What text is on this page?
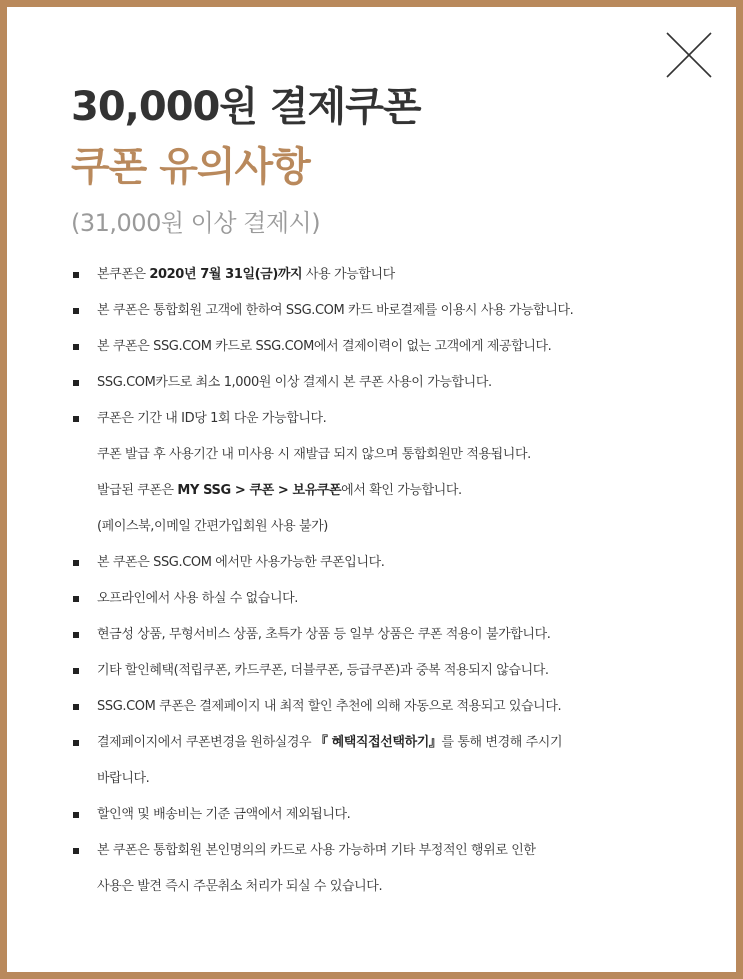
30,000원 결제쿠폰
쿠폰 유의사항
(31,000원 이상 결제시)
본쿠폰은 2020년 7월 31일(금)까지 사용 가능합니다
본 쿠폰은 통합회원 고객에 한하여 SSG.COM 카드 바로결제를 이용시 사용 가능합니다.
본 쿠폰은 SSG.COM 카드로 SSG.COM에서 결제이력이 없는 고객에게 제공합니다.
SSG.COM카드로 최소 1,000원 이상 결제시 본 쿠폰 사용이 가능합니다.
쿠폰은 기간 내 ID당 1회 다운 가능합니다.
쿠폰 발급 후 사용기간 내 미사용 시 재발급 되지 않으며 통합회원만 적용됩니다.
발급된 쿠폰은 MY SSG > 쿠폰 > 보유쿠폰에서 확인 가능합니다.
(페이스북,이메일 간편가입회원 사용 불가)
본 쿠폰은 SSG.COM 에서만 사용가능한 쿠폰입니다.
오프라인에서 사용 하실 수 없습니다.
현금성 상품, 무형서비스 상품, 초특가 상품 등 일부 상품은 쿠폰 적용이 불가합니다.
기타 할인혜택(적립쿠폰, 카드쿠폰, 더블쿠폰, 등급쿠폰)과 중복 적용되지 않습니다.
SSG.COM 쿠폰은 결제페이지 내 최적 할인 추천에 의해 자동으로 적용되고 있습니다.
결제페이지에서 쿠폰변경을 원하실경우 『 혜택직접선택하기』를 통해 변경해 주시기
바랍니다.
할인액 및 배송비는 기준 금액에서 제외됩니다.
본 쿠폰은 통합회원 본인명의의 카드로 사용 가능하며 기타 부정적인 행위로 인한
사용은 발견 즉시 주문취소 처리가 되실 수 있습니다.
